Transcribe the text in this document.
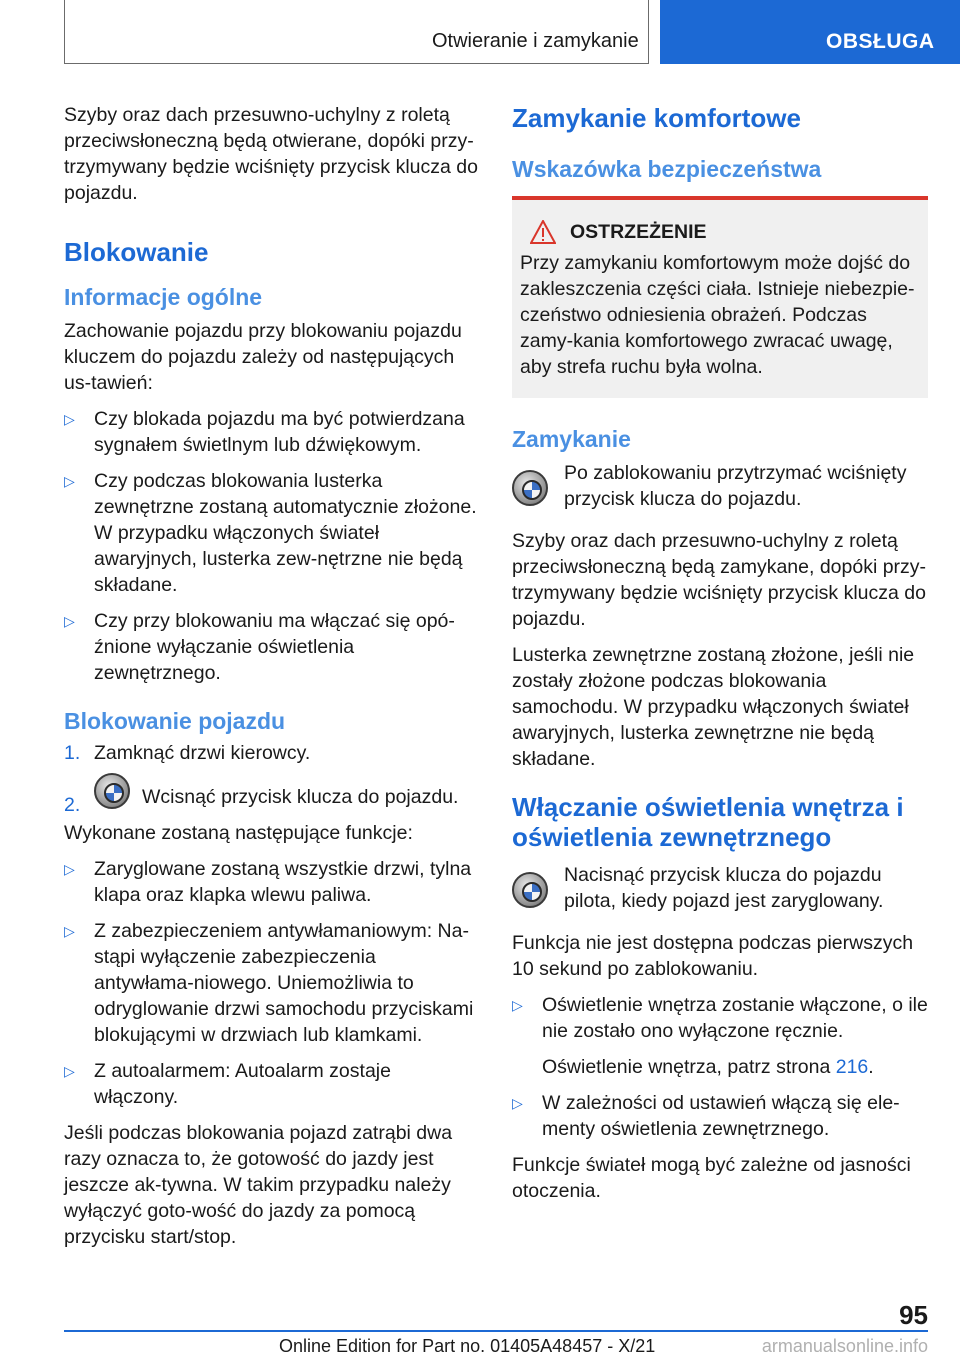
Otwieranie i zamykanie	OBSŁUGA

Szyby oraz dach przesuwno-uchylny z roletą przeciwsłoneczną będą otwierane, dopóki przy-trzymywany będzie wciśnięty przycisk klucza do pojazdu.

Blokowanie
Informacje ogólne

Zachowanie pojazdu przy blokowaniu pojazdu kluczem do pojazdu zależy od następujących us-tawień:

▷ Czy blokada pojazdu ma być potwierdzana sygnałem świetlnym lub dźwiękowym.
▷ Czy podczas blokowania lusterka zewnętrzne zostaną automatycznie złożone. W przypadku włączonych świateł awaryjnych, lusterka zew-nętrzne nie będą składane.
▷ Czy przy blokowaniu ma włączać się opó-źnione wyłączanie oświetlenia zewnętrznego.
Blokowanie pojazdu
1. Zamknąć drzwi kierowcy.
2.	Wcisnąć przycisk klucza do pojazdu.

Wykonane zostaną następujące funkcje:

▷ Zaryglowane zostaną wszystkie drzwi, tylna klapa oraz klapka wlewu paliwa.
▷ Z zabezpieczeniem antywłamaniowym: Na-stąpi wyłączenie zabezpieczenia antywłama-niowego. Uniemożliwia to odryglowanie drzwi samochodu przyciskami blokującymi w drzwiach lub klamkami.
▷ Z autoalarmem: Autoalarm zostaje włączony.

Jeśli podczas blokowania pojazd zatrąbi dwa razy oznacza to, że gotowość do jazdy jest jeszcze ak-tywna. W takim przypadku należy wyłączyć goto-wość do jazdy za pomocą przycisku start/stop.

Zamykanie komfortowe
Wskazówka bezpieczeństwa
OSTRZEŻENIE
Przy zamykaniu komfortowym może dojść do zakleszczenia części ciała. Istnieje niebezpie-czeństwo odniesienia obrażeń. Podczas zamy-kania komfortowego zwracać uwagę, aby strefa ruchu była wolna.
Zamykanie
Po zablokowaniu przytrzymać wciśnięty przycisk klucza do pojazdu.

Szyby oraz dach przesuwno-uchylny z roletą przeciwsłoneczną będą zamykane, dopóki przy-trzymywany będzie wciśnięty przycisk klucza do pojazdu.

Lusterka zewnętrzne zostaną złożone, jeśli nie zostały złożone podczas blokowania samochodu. W przypadku włączonych świateł awaryjnych, lusterka zewnętrzne nie będą składane.

Włączanie oświetlenia wnętrza i oświetlenia zewnętrznego
Nacisnąć przycisk klucza do pojazdu pilota, kiedy pojazd jest zaryglowany.

Funkcja nie jest dostępna podczas pierwszych 10 sekund po zablokowaniu.

▷ Oświetlenie wnętrza zostanie włączone, o ile nie zostało ono wyłączone ręcznie.
Oświetlenie wnętrza, patrz strona 216.
▷ W zależności od ustawień włączą się ele-menty oświetlenia zewnętrznego.

Funkcje świateł mogą być zależne od jasności otoczenia.

95
Online Edition for Part no. 01405A48457 - X/21	armanualsonline.info
